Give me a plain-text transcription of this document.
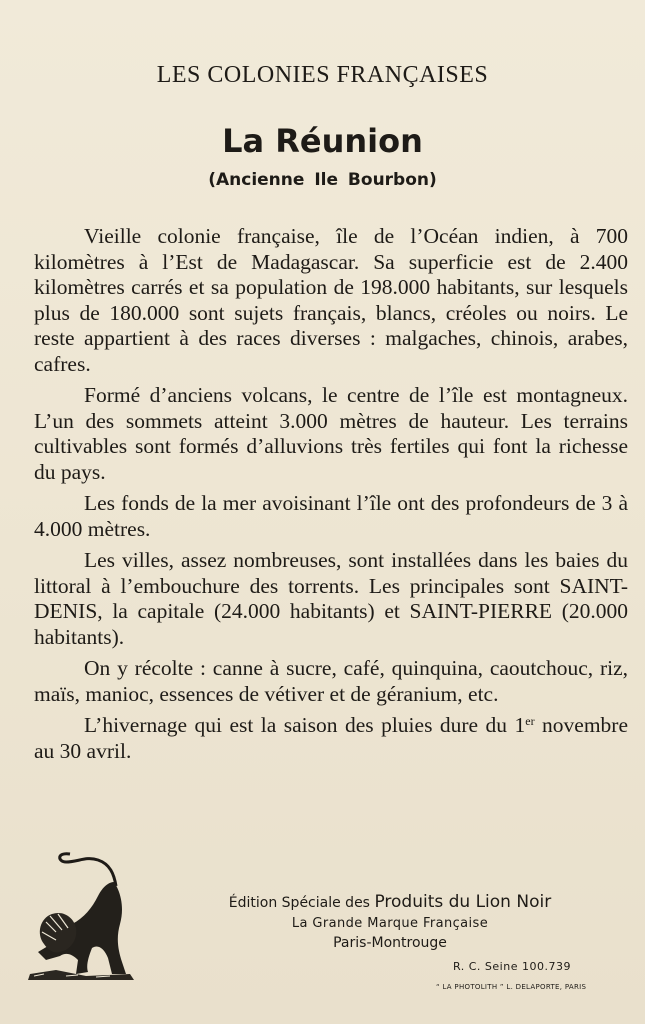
LES COLONIES FRANÇAISES
La Réunion
(Ancienne Ile Bourbon)

Vieille colonie française, île de l’Océan indien, à 700 kilomètres à l’Est de Madagascar. Sa superficie est de 2.400 kilomètres carrés et sa population de 198.000 habitants, sur lesquels plus de 180.000 sont sujets français, blancs, créoles ou noirs. Le reste appartient à des races diverses : malgaches, chinois, arabes, cafres.

Formé d’anciens volcans, le centre de l’île est montagneux. L’un des sommets atteint 3.000 mètres de hauteur. Les terrains cultivables sont formés d’alluvions très fertiles qui font la richesse du pays.

Les fonds de la mer avoisinant l’île ont des profondeurs de 3 à 4.000 mètres.

Les villes, assez nombreuses, sont installées dans les baies du littoral à l’embouchure des torrents. Les principales sont SAINT-DENIS, la capitale (24.000 habitants) et SAINT-PIERRE (20.000 habitants).

On y récolte : canne à sucre, café, quinquina, caoutchouc, riz, maïs, manioc, essences de vétiver et de géranium, etc.

L’hivernage qui est la saison des pluies dure du 1er novembre au 30 avril.

Édition Spéciale des Produits du Lion Noir
La Grande Marque Française
Paris-Montrouge
R. C. Seine 100.739
“ LA PHOTOLITH ” L. DELAPORTE, PARIS
